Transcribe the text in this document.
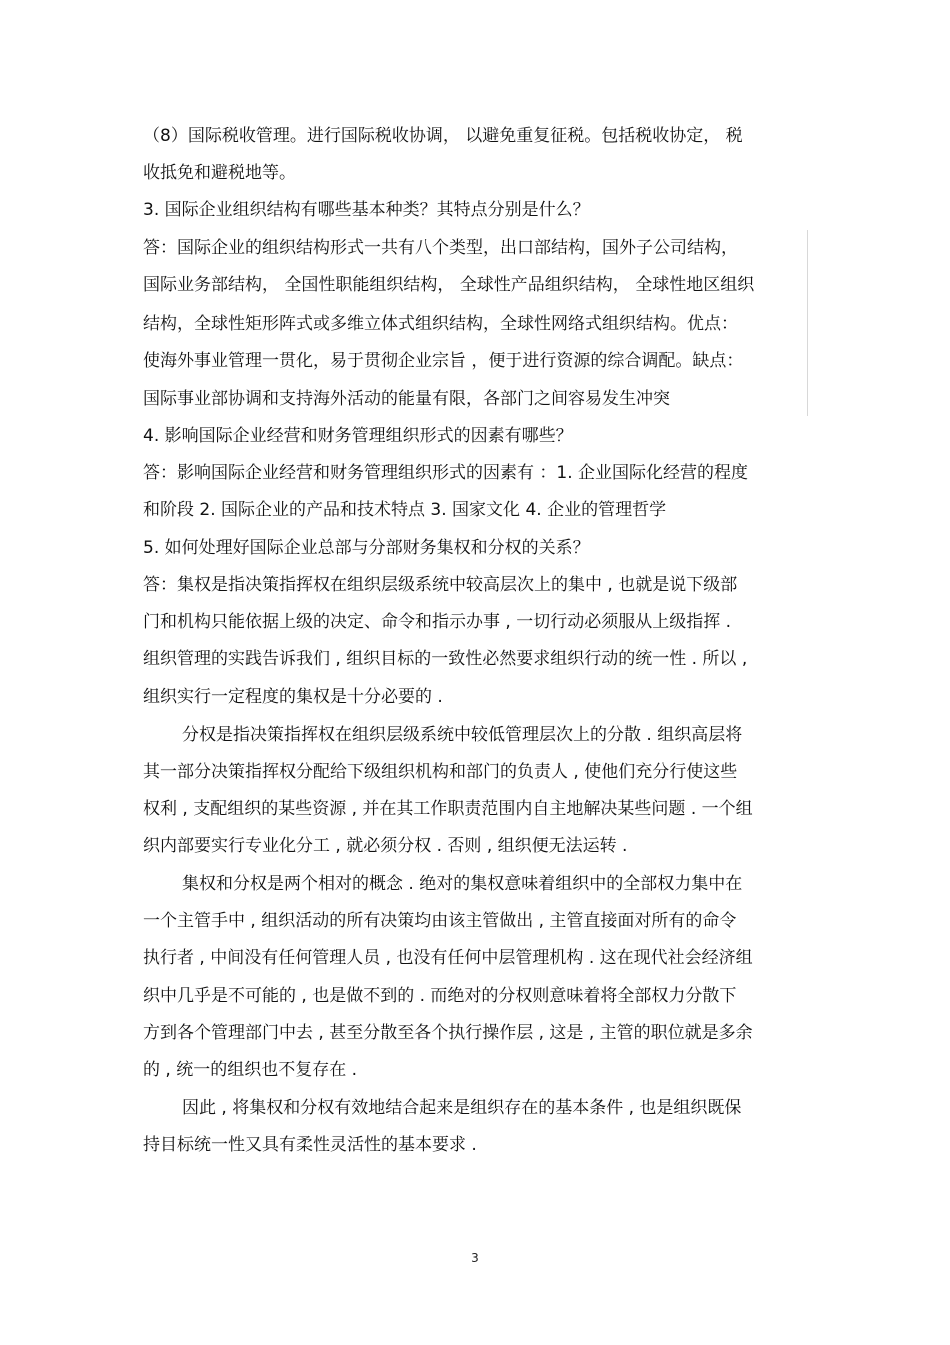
（8）国际税收管理。进行国际税收协调， 以避免重复征税。包括税收协定， 税
收抵免和避税地等。
3. 国际企业组织结构有哪些基本种类？其特点分别是什么？
答：国际企业的组织结构形式一共有八个类型，出口部结构，国外子公司结构，
国际业务部结构， 全国性职能组织结构， 全球性产品组织结构， 全球性地区组织
结构，全球性矩形阵式或多维立体式组织结构，全球性网络式组织结构。优点：
使海外事业管理一贯化，易于贯彻企业宗旨 ，便于进行资源的综合调配。缺点：
国际事业部协调和支持海外活动的能量有限，各部门之间容易发生冲突
4. 影响国际企业经营和财务管理组织形式的因素有哪些？
答：影响国际企业经营和财务管理组织形式的因素有 ：1. 企业国际化经营的程度
和阶段 2. 国际企业的产品和技术特点 3. 国家文化 4. 企业的管理哲学
5. 如何处理好国际企业总部与分部财务集权和分权的关系？
答：集权是指决策指挥权在组织层级系统中较高层次上的集中 , 也就是说下级部
门和机构只能依据上级的决定、命令和指示办事 , 一切行动必须服从上级指挥 .
组织管理的实践告诉我们 , 组织目标的一致性必然要求组织行动的统一性 . 所以 ,
组织实行一定程度的集权是十分必要的 .
分权是指决策指挥权在组织层级系统中较低管理层次上的分散 . 组织高层将
其一部分决策指挥权分配给下级组织机构和部门的负责人 , 使他们充分行使这些
权利 , 支配组织的某些资源 , 并在其工作职责范围内自主地解决某些问题 . 一个组
织内部要实行专业化分工 , 就必须分权 . 否则 , 组织便无法运转 .
集权和分权是两个相对的概念 . 绝对的集权意味着组织中的全部权力集中在
一个主管手中 , 组织活动的所有决策均由该主管做出 , 主管直接面对所有的命令
执行者 , 中间没有任何管理人员 , 也没有任何中层管理机构 . 这在现代社会经济组
织中几乎是不可能的 , 也是做不到的 . 而绝对的分权则意味着将全部权力分散下
方到各个管理部门中去 , 甚至分散至各个执行操作层 , 这是 , 主管的职位就是多余
的 , 统一的组织也不复存在 .
因此 , 将集权和分权有效地结合起来是组织存在的基本条件 , 也是组织既保
持目标统一性又具有柔性灵活性的基本要求 .
3
